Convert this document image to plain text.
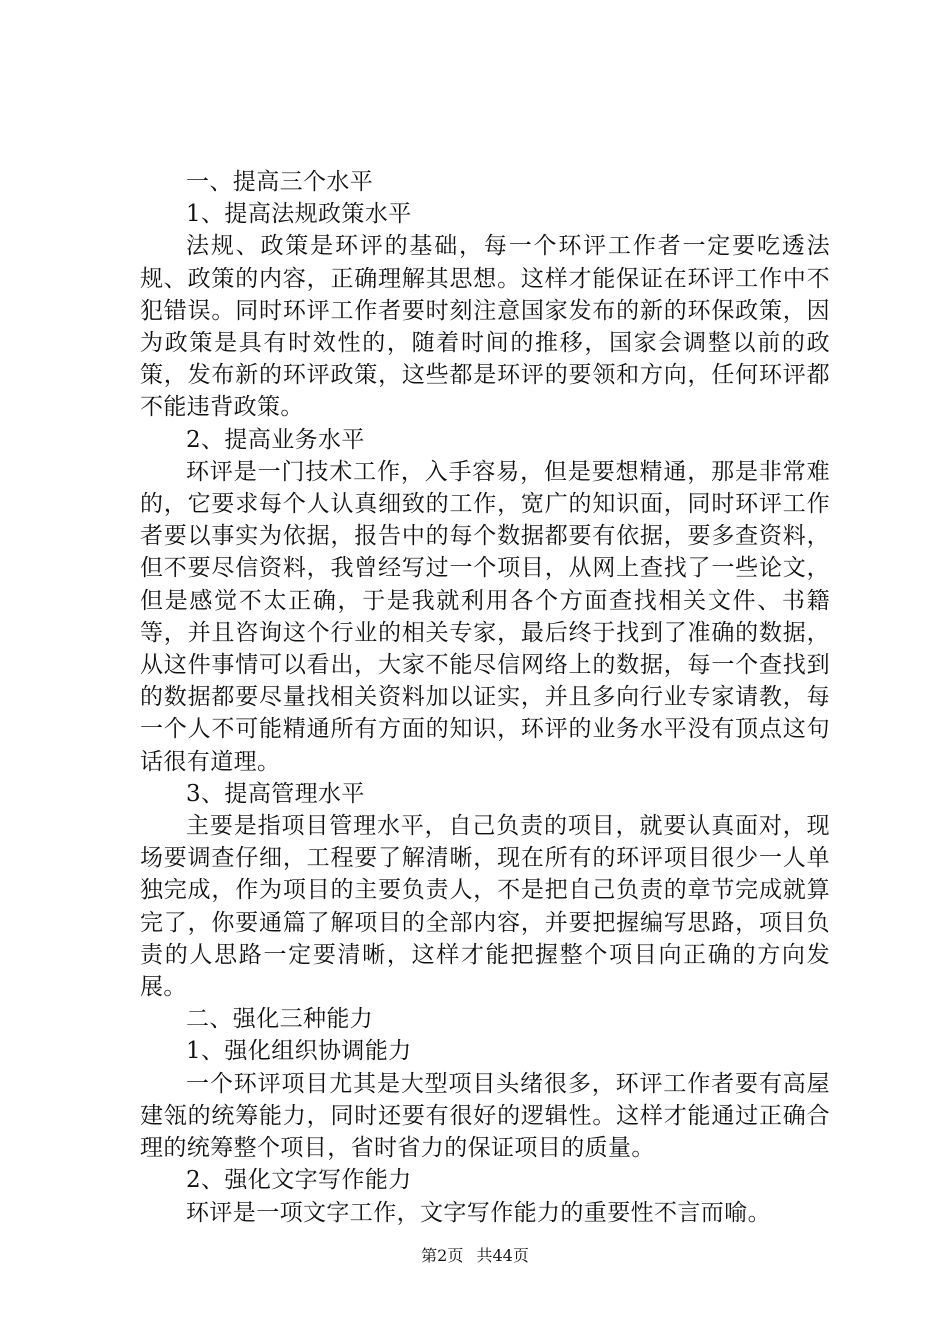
一、提高三个水平

1、提高法规政策水平

法规、政策是环评的基础，每一个环评工作者一定要吃透法规、政策的内容，正确理解其思想。这样才能保证在环评工作中不犯错误。同时环评工作者要时刻注意国家发布的新的环保政策，因为政策是具有时效性的，随着时间的推移，国家会调整以前的政策，发布新的环评政策，这些都是环评的要领和方向，任何环评都不能违背政策。

2、提高业务水平

环评是一门技术工作，入手容易，但是要想精通，那是非常难的，它要求每个人认真细致的工作，宽广的知识面，同时环评工作者要以事实为依据，报告中的每个数据都要有依据，要多查资料，但不要尽信资料，我曾经写过一个项目，从网上查找了一些论文，但是感觉不太正确，于是我就利用各个方面查找相关文件、书籍等，并且咨询这个行业的相关专家，最后终于找到了准确的数据，从这件事情可以看出，大家不能尽信网络上的数据，每一个查找到的数据都要尽量找相关资料加以证实，并且多向行业专家请教，每一个人不可能精通所有方面的知识，环评的业务水平没有顶点这句话很有道理。

3、提高管理水平

主要是指项目管理水平，自己负责的项目，就要认真面对，现场要调查仔细，工程要了解清晰，现在所有的环评项目很少一人单独完成，作为项目的主要负责人，不是把自己负责的章节完成就算完了，你要通篇了解项目的全部内容，并要把握编写思路，项目负责的人思路一定要清晰，这样才能把握整个项目向正确的方向发展。

二、强化三种能力

1、强化组织协调能力

一个环评项目尤其是大型项目头绪很多，环评工作者要有高屋建瓴的统筹能力，同时还要有很好的逻辑性。这样才能通过正确合理的统筹整个项目，省时省力的保证项目的质量。

2、强化文字写作能力

环评是一项文字工作，文字写作能力的重要性不言而喻。

第2页 共44页
